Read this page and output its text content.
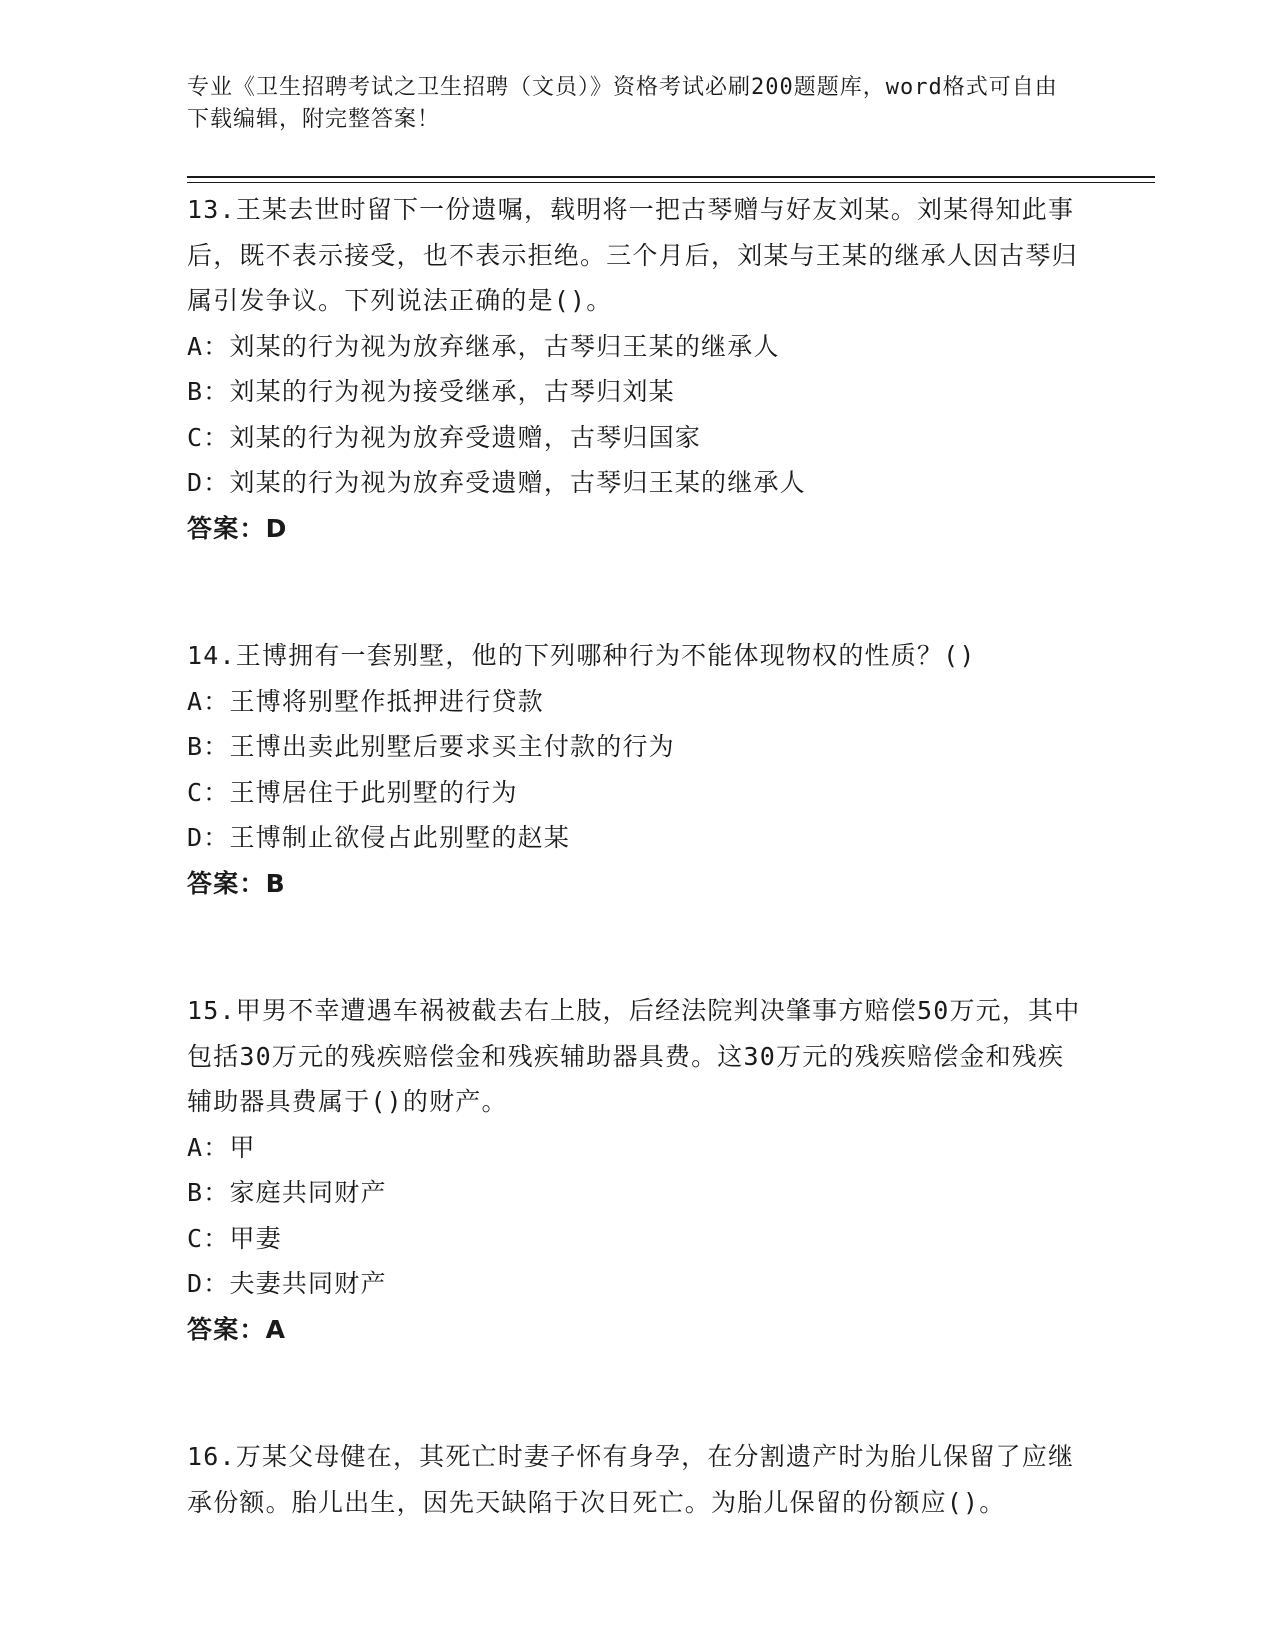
专业《卫生招聘考试之卫生招聘（文员）》资格考试必刷200题题库，word格式可自由下载编辑，附完整答案！
13.王某去世时留下一份遗嘱，载明将一把古琴赠与好友刘某。刘某得知此事后，既不表示接受，也不表示拒绝。三个月后，刘某与王某的继承人因古琴归属引发争议。下列说法正确的是()。
A：刘某的行为视为放弃继承，古琴归王某的继承人
B：刘某的行为视为接受继承，古琴归刘某
C：刘某的行为视为放弃受遗赠，古琴归国家
D：刘某的行为视为放弃受遗赠，古琴归王某的继承人
答案：D
14.王博拥有一套别墅，他的下列哪种行为不能体现物权的性质？()
A：王博将别墅作抵押进行贷款
B：王博出卖此别墅后要求买主付款的行为
C：王博居住于此别墅的行为
D：王博制止欲侵占此别墅的赵某
答案：B
15.甲男不幸遭遇车祸被截去右上肢，后经法院判决肇事方赔偿50万元，其中包括30万元的残疾赔偿金和残疾辅助器具费。这30万元的残疾赔偿金和残疾辅助器具费属于()的财产。
A：甲
B：家庭共同财产
C：甲妻
D：夫妻共同财产
答案：A
16.万某父母健在，其死亡时妻子怀有身孕，在分割遗产时为胎儿保留了应继承份额。胎儿出生，因先天缺陷于次日死亡。为胎儿保留的份额应()。
